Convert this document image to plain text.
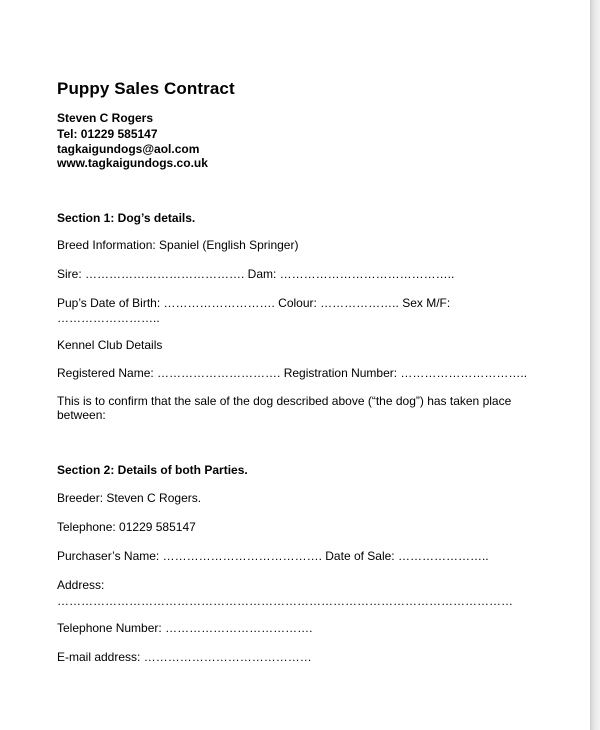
Puppy Sales Contract
Steven C Rogers
Tel: 01229 585147
tagkaigundogs@aol.com
www.tagkaigundogs.co.uk
Section 1: Dog’s details.
Breed Information: Spaniel (English Springer)
Sire: …………………………………. Dam: ……………………………………..
Pup’s Date of Birth: ………………………. Colour: ……………….. Sex M/F:
……………………..
Kennel Club Details
Registered Name: …………………………. Registration Number: …………………………..
This is to confirm that the sale of the dog described above (“the dog”) has taken place
between:
Section 2: Details of both Parties.
Breeder: Steven C Rogers.
Telephone: 01229 585147
Purchaser’s Name: …………………………………. Date of Sale: …………………..
Address:
……………………………………………………………………………………………………
Telephone Number: ……………………………….
E-mail address: ……………………………………
